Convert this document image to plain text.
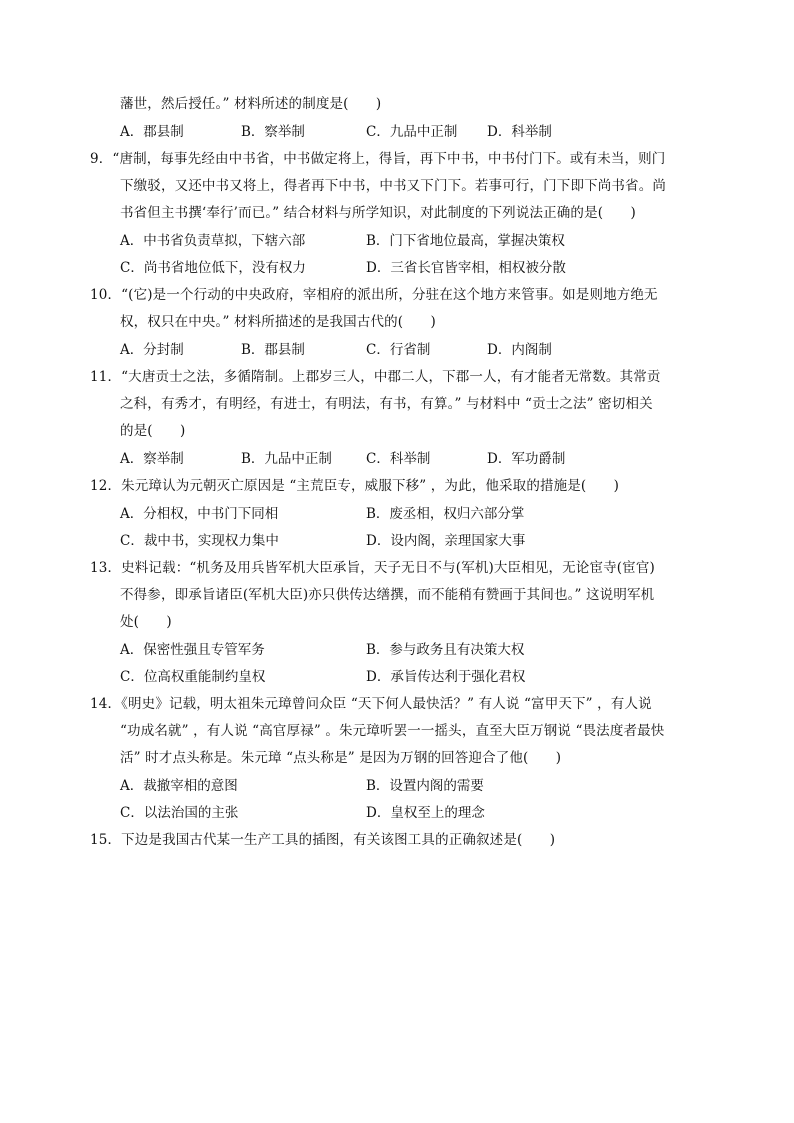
藩世，然后授任。” 材料所述的制度是(　　)
A．郡县制	B．察举制	C．九品中正制 D．科举制
9．“唐制，每事先经由中书省，中书做定将上，得旨，再下中书，中书付门下。或有未当，则门
下缴驳，又还中书又将上，得者再下中书，中书又下门下。若事可行，门下即下尚书省。尚
书省但主书撰‘奉行’而已。” 结合材料与所学知识，对此制度的下列说法正确的是(　　)
A．中书省负责草拟，下辖六部	B．门下省地位最高，掌握决策权
C．尚书省地位低下，没有权力	D．三省长官皆宰相，相权被分散
10．“(它)是一个行动的中央政府，宰相府的派出所，分驻在这个地方来管事。如是则地方绝无
权，权只在中央。” 材料所描述的是我国古代的(　　)
A．分封制	B．郡县制	C．行省制	D．内阁制
11．“大唐贡士之法，多循隋制。上郡岁三人，中郡二人，下郡一人，有才能者无常数。其常贡
之科，有秀才，有明经，有进士，有明法，有书，有算。” 与材料中 “贡士之法” 密切相关
的是(　　)
A．察举制	B．九品中正制	C．科举制	D．军功爵制
12．朱元璋认为元朝灭亡原因是 “主荒臣专，威服下移” ，为此，他采取的措施是(　　)
A．分相权，中书门下同相	B．废丞相，权归六部分掌
C．裁中书，实现权力集中	D．设内阁，亲理国家大事
13．史料记载：“机务及用兵皆军机大臣承旨，天子无日不与(军机)大臣相见，无论宦寺(宦官)
不得参，即承旨诸臣(军机大臣)亦只供传达缮撰，而不能稍有赞画于其间也。” 这说明军机
处(　　)
A．保密性强且专管军务	B．参与政务且有决策大权
C．位高权重能制约皇权	D．承旨传达利于强化君权
14．《明史》记载，明太祖朱元璋曾问众臣 “天下何人最快活？” 有人说 “富甲天下” ，有人说
“功成名就” ，有人说 “高官厚禄” 。朱元璋听罢一一摇头，直至大臣万钢说 “畏法度者最快
活” 时才点头称是。朱元璋 “点头称是” 是因为万钢的回答迎合了他(　　)
A．裁撤宰相的意图	B．设置内阁的需要
C．以法治国的主张	D．皇权至上的理念
15．下边是我国古代某一生产工具的插图，有关该图工具的正确叙述是(　　)
